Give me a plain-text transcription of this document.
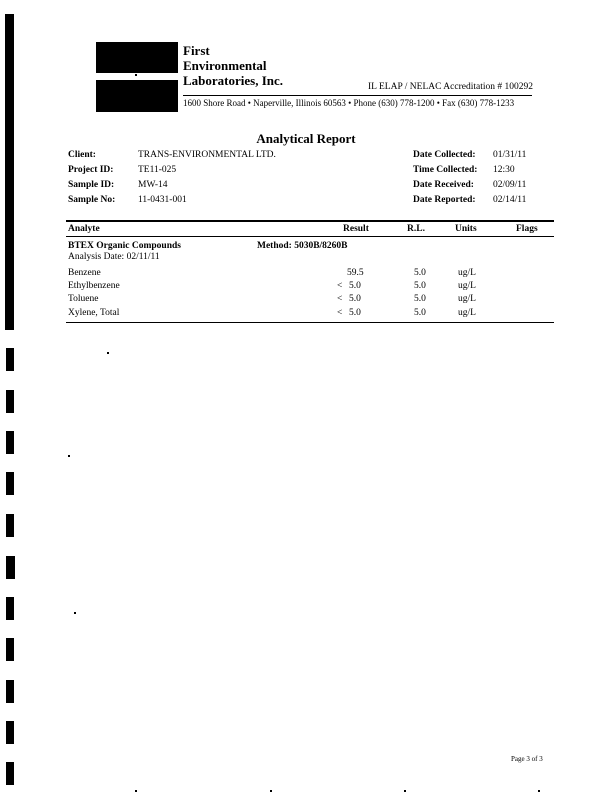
First
Environmental
Laboratories, Inc.	IL ELAP / NELAC Accreditation # 100292
1600 Shore Road • Naperville, Illinois 60563 • Phone (630) 778-1200 • Fax (630) 778-1233
Analytical Report
Client:	TRANS-ENVIRONMENTAL LTD.
Project ID:	TE11-025
Sample ID:	MW-14
Sample No: 11-0431-001
Date Collected: 01/31/11
Time Collected: 12:30
Date Received: 02/09/11
Date Reported: 02/14/11
Analyte	Result	R.L.	Units	Flags
BTEX Organic Compounds	Method: 5030B/8260B
Analysis Date: 02/11/11
Benzene	59.5	5.0	ug/L
Ethylbenzene	< 5.0	5.0	ug/L
Toluene	< 5.0	5.0	ug/L
Xylene, Total	< 5.0	5.0	ug/L
Page 3 of 3
